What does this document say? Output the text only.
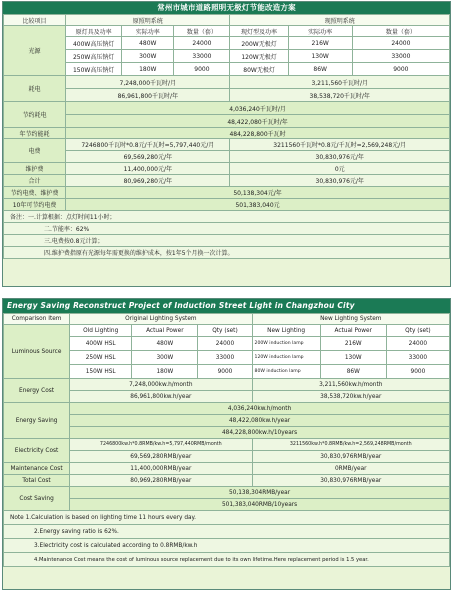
常州市城市道路照明无极灯节能改造方案
比较项目	原照明系统			现照明系统		
光源	原灯具及功率	实际功率	数量（套）	现灯型及功率	实际功率	数量（套）
	400W高压钠灯	480W	24000	200W无极灯	216W	24000
	250W高压钠灯	300W	33000	120W无极灯	130W	33000
	150W高压钠灯	180W	9000	80W无极灯	86W	9000
耗电	7,248,000千瓦时/月			3,211,560千瓦时/月		
	86,961,800千瓦时/年			38,538,720千瓦时/年		
节约耗电	4,036,240千瓦时/月					
	48,422,080千瓦时/年					
年节约能耗	484,228,800千瓦时					
电费	7246800千瓦时*0.8元/千瓦时=5,797,440元/月			3211560千瓦时*0.8元/千瓦时=2,569,248元/月		
	69,569,280元/年			30,830,976元/年		
维护费	11,400,000元/年			0元		
合计	80,969,280元/年			30,830,976元/年		
节约电费、维护费	50,138,304元/年					
10年可节约电费	501,383,040元					
备注：一.计算根据：点灯时间11小时；						
二.节能率：62%						
三.电费按0.8元计算；						
四.维护费指原有光源每年需更换的维护成本，按1年5个月换一次计算。						
Energy Saving Reconstruct Project of Induction Street Light in Changzhou City
Comparison Item	Original Lighting System			New Lighting System		
Luminous Source	Old Lighting	Actual Power	Qty (set)	New Lighting	Actual Power	Qty (set)
	400W HSL	480W	24000	200W induction lamp	216W	24000
	250W HSL	300W	33000	120W induction lamp	130W	33000
	150W HSL	180W	9000	80W induction lamp	86W	9000
Energy Cost	7,248,000kw.h/month			3,211,560kw.h/month		
	86,961,800kw.h/year			38,538,720kw.h/year		
Energy Saving	4,036,240kw.h/month					
	48,422,080kw.h/year					
	484,228,800kw.h/10years					
Electricity Cost	7246800kw.h*0.8RMB/kw.h=5,797,440RMB/month			3211560kw.h*0.8RMB/kw.h=2,569,248RMB/month		
	69,569,280RMB/year			30,830,976RMB/year		
Maintenance Cost	11,400,000RMB/year			0RMB/year		
Total Cost	80,969,280RMB/year			30,830,976RMB/year		
Cost Saving	50,138,304RMB/year					
	501,383,040RMB/10years					
Note 1.Calculation is based on lighting time 11 hours every day.						
2.Energy saving ratio is 62%.						
3.Electricity cost is calculated according to 0.8RMB/kw.h						
4.Maintenance Cost means the cost of luminous source replacement due to its own lifetime.Here replacement period is 1.5 year.						
